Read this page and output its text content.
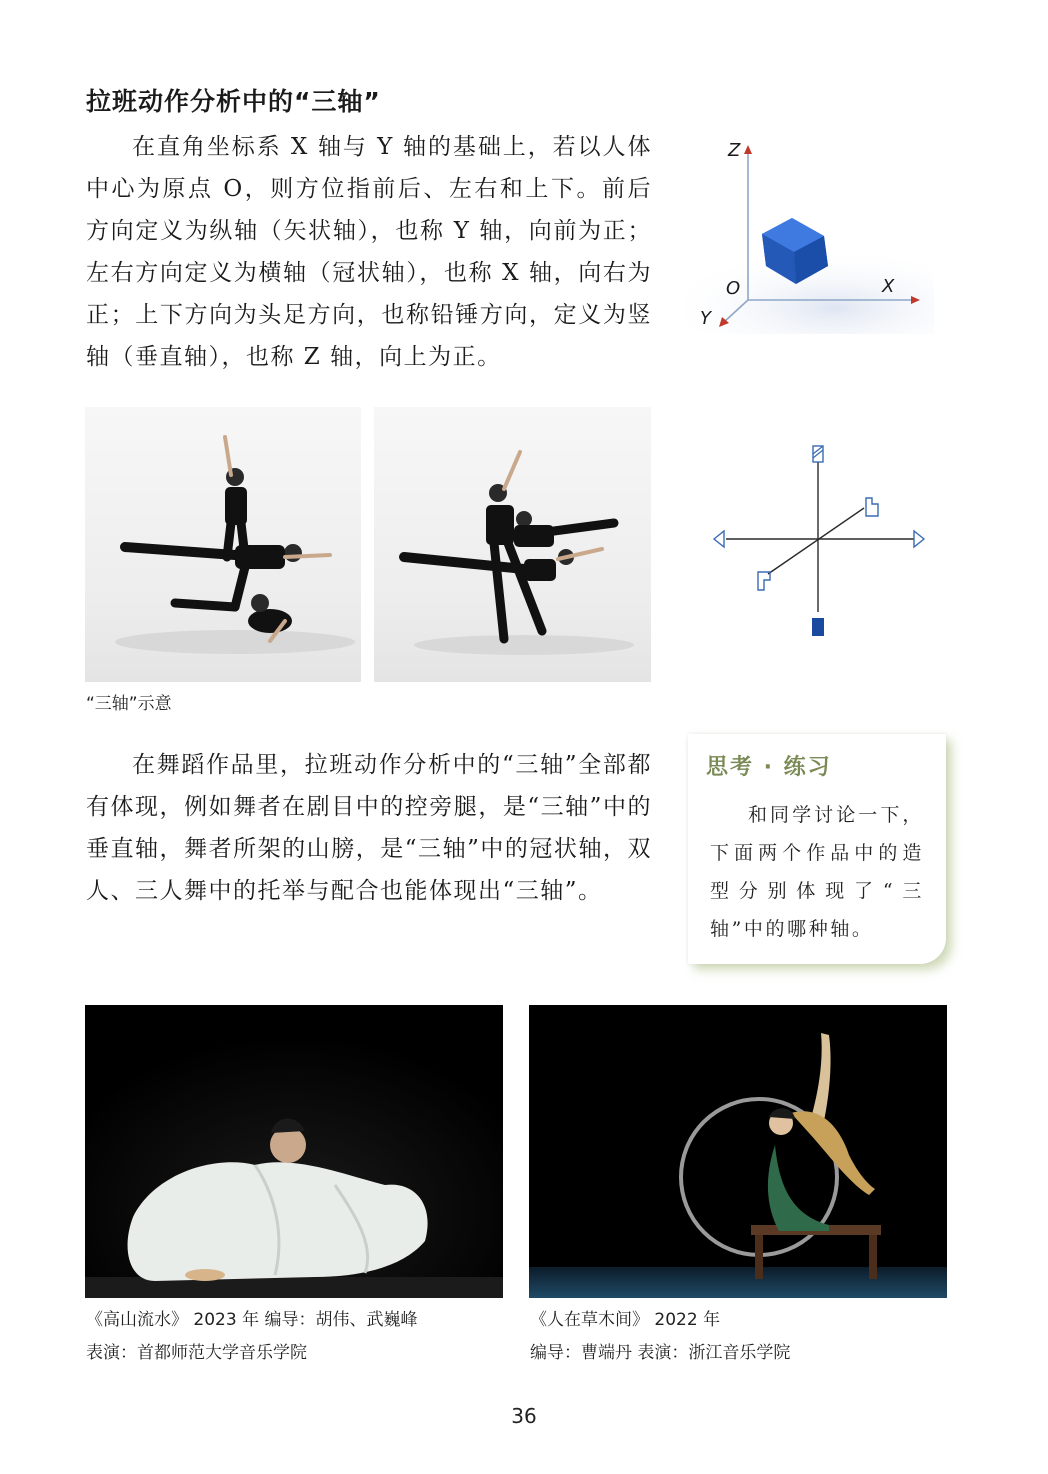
拉班动作分析中的“三轴”

在直角坐标系 X 轴与 Y 轴的基础上，若以人体中心为原点 O，则方位指前后、左右和上下。前后方向定义为纵轴（矢状轴），也称 Y 轴，向前为正；左右方向定义为横轴（冠状轴），也称 X 轴，向右为正；上下方向为头足方向，也称铅锤方向，定义为竖轴（垂直轴），也称 Z 轴，向上为正。

Z
X
Y
O
“三轴”示意

在舞蹈作品里，拉班动作分析中的“三轴”全部都有体现，例如舞者在剧目中的控旁腿，是“三轴”中的垂直轴，舞者所架的山膀，是“三轴”中的冠状轴，双人、三人舞中的托举与配合也能体现出“三轴”。

思考 · 练习

和同学讨论一下，下面两个作品中的造型分别体现了“三轴”中的哪种轴。

《高山流水》 2023 年 编导：胡伟、武巍峰
表演：首都师范大学音乐学院
《人在草木间》 2022 年
编导：曹端丹 表演：浙江音乐学院
36
